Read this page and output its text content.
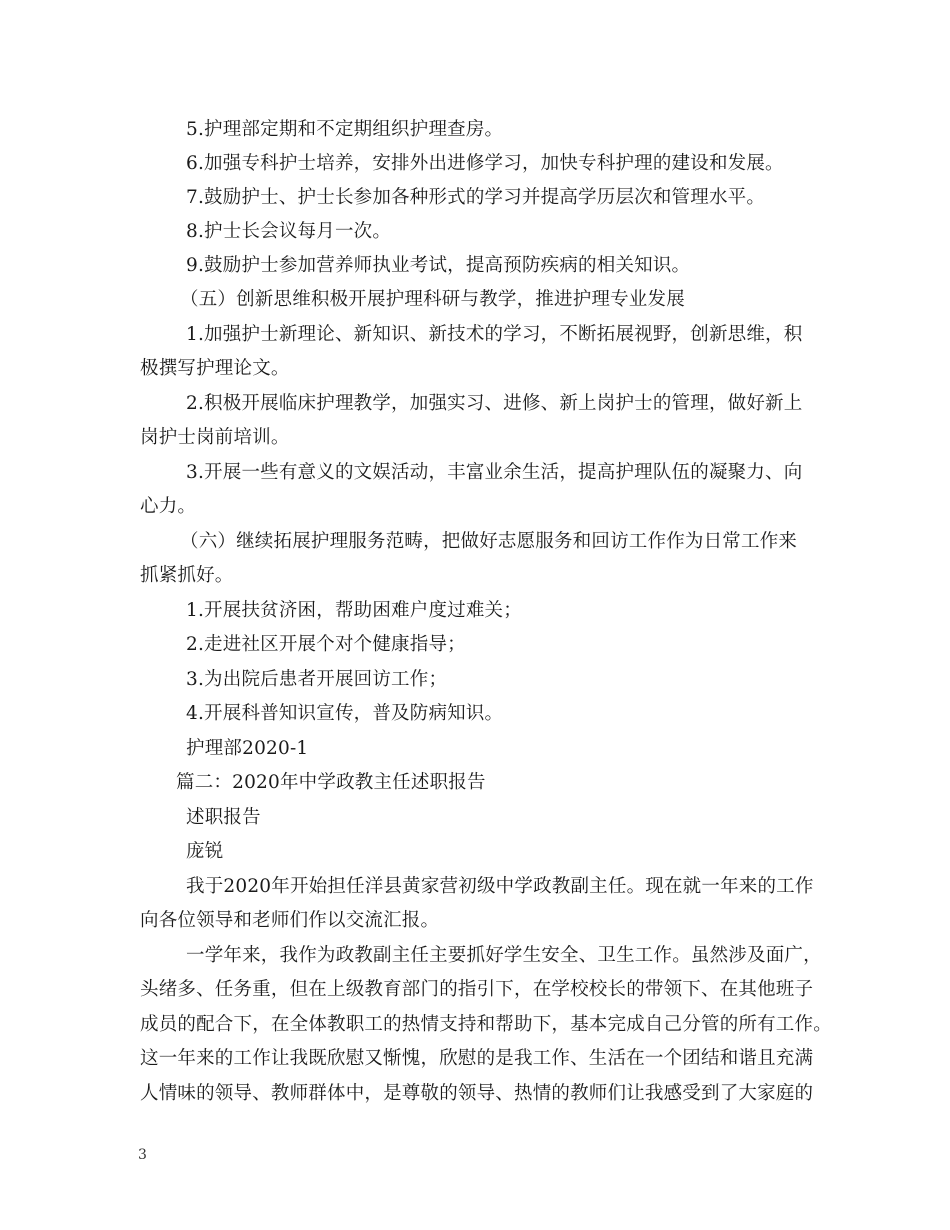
5.护理部定期和不定期组织护理查房。
6.加强专科护士培养，安排外出进修学习，加快专科护理的建设和发展。
7.鼓励护士、护士长参加各种形式的学习并提高学历层次和管理水平。
8.护士长会议每月一次。
9.鼓励护士参加营养师执业考试，提高预防疾病的相关知识。
（五）创新思维积极开展护理科研与教学，推进护理专业发展
1.加强护士新理论、新知识、新技术的学习，不断拓展视野，创新思维，积
极撰写护理论文。
2.积极开展临床护理教学，加强实习、进修、新上岗护士的管理，做好新上
岗护士岗前培训。
3.开展一些有意义的文娱活动，丰富业余生活，提高护理队伍的凝聚力、向
心力。
（六）继续拓展护理服务范畴，把做好志愿服务和回访工作作为日常工作来
抓紧抓好。
1.开展扶贫济困，帮助困难户度过难关；
2.走进社区开展个对个健康指导；
3.为出院后患者开展回访工作；
4.开展科普知识宣传，普及防病知识。
护理部2020-1
篇二：2020年中学政教主任述职报告
述职报告
庞锐
我于2020年开始担任洋县黄家营初级中学政教副主任。现在就一年来的工作
向各位领导和老师们作以交流汇报。
一学年来，我作为政教副主任主要抓好学生安全、卫生工作。虽然涉及面广，
头绪多、任务重，但在上级教育部门的指引下，在学校校长的带领下、在其他班子
成员的配合下，在全体教职工的热情支持和帮助下，基本完成自己分管的所有工作。
这一年来的工作让我既欣慰又惭愧，欣慰的是我工作、生活在一个团结和谐且充满
人情味的领导、教师群体中，是尊敬的领导、热情的教师们让我感受到了大家庭的
3
